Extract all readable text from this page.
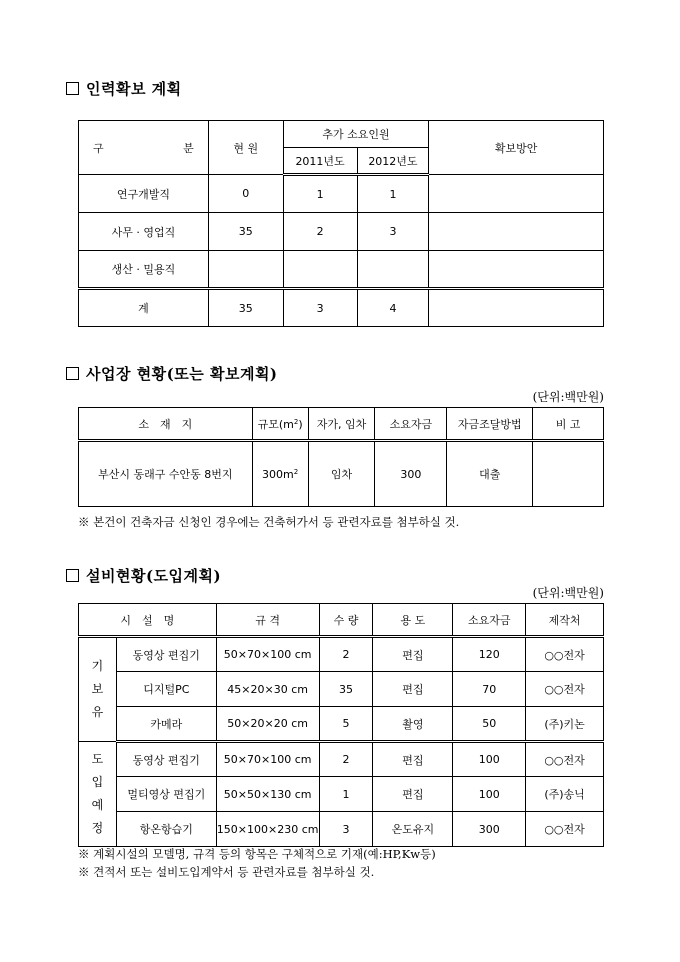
인력확보 계획
구 분	현 원	추가 소요인원		확보방안
		2011년도	2012년도	
연구개발직	0	1	1	
사무 · 영업직	35	2	3	
생산 · 밀용직				
계	35	3	4	
사업장 현황(또는 확보계획)
(단위:백만원)
소　재　지	규모$(m^2)$	자가, 임차	소요자금	자금조달방법	비 고
부산시 동래구 수안동 8번지	$300m^2$	임차	300	대출	
※ 본건이 건축자금 신청인 경우에는 건축허가서 등 관련자료를 첨부하실 것.
설비현황(도입계획)
(단위:백만원)
시　설　명		규 격	수 량	용 도	소요자금	제작처

기
보
유	동영상 편집기	50×70×100 cm	2	편집	120	○○전자
	디지털PC	45×20×30 cm	35	편집	70	○○전자
	카메라	50×20×20 cm	5	촬영	50	(주)키논

도
입
예
정	동영상 편집기	50×70×100 cm	2	편집	100	○○전자
	멀티영상 편집기	50×50×130 cm	1	편집	100	(주)송닉
	항온항습기	150×100×230 cm	3	온도유지	300	○○전자
※ 계획시설의 모델명, 규격 등의 항목은 구체적으로 기재(예:HP,Kw등)
※ 견적서 또는 설비도입계약서 등 관련자료를 첨부하실 것.
